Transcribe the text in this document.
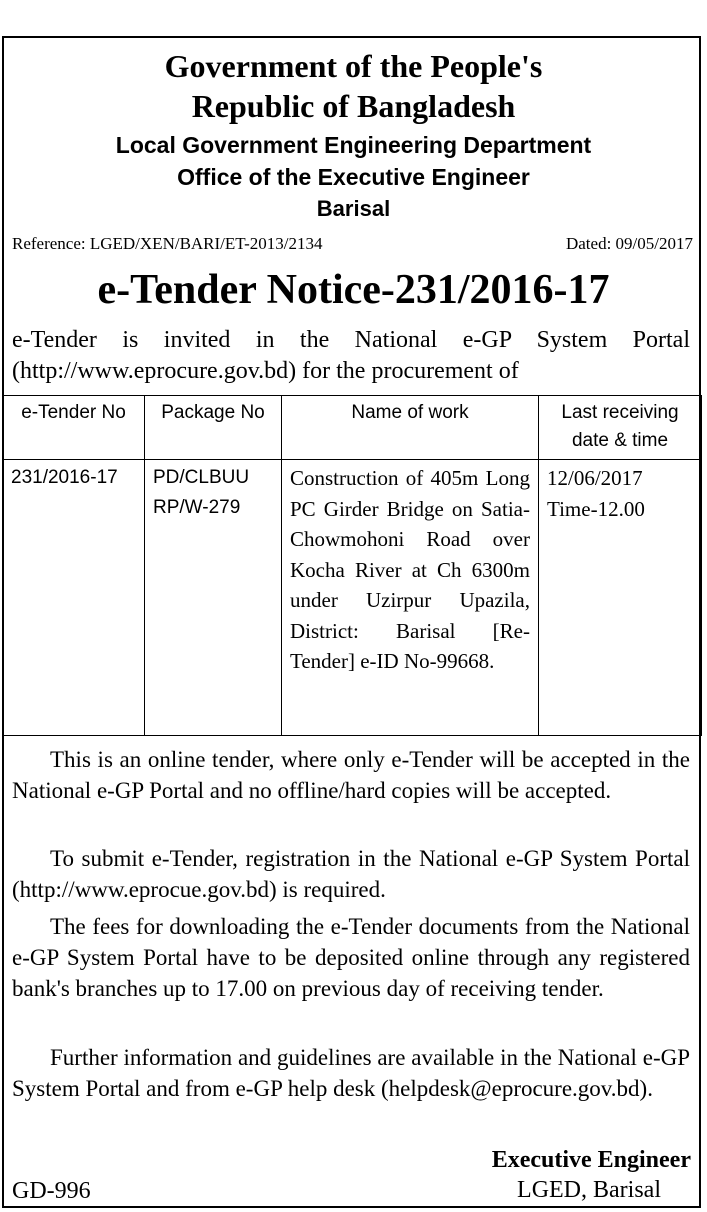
Government of the People's
Republic of Bangladesh
Local Government Engineering Department
Office of the Executive Engineer
Barisal
Reference: LGED/XEN/BARI/ET-2013/2134	Dated: 09/05/2017
e-Tender Notice-231/2016-17
e-Tender is invited in the National e-GP System Portal (http://www.eprocure.gov.bd) for the procurement of
e-Tender No	Package No	Name of work	Last receiving date & time
231/2016-17	PD/CLBUU RP/W-279	Construction of 405m Long PC Girder Bridge on Satia-Chowmohoni Road over Kocha River at Ch 6300m under Uzirpur Upazila, District: Barisal [Re-Tender] e-ID No-99668.	12/06/2017
Time-12.00
This is an online tender, where only e-Tender will be accepted in the National e-GP Portal and no offline/hard copies will be accepted.
To submit e-Tender, registration in the National e-GP System Portal (http://www.eprocue.gov.bd) is required.
The fees for downloading the e-Tender documents from the National e-GP System Portal have to be deposited online through any registered bank's branches up to 17.00 on previous day of receiving tender.
Further information and guidelines are available in the National e-GP System Portal and from e-GP help desk (helpdesk@eprocure.gov.bd).
Executive Engineer
LGED, Barisal
GD-996
